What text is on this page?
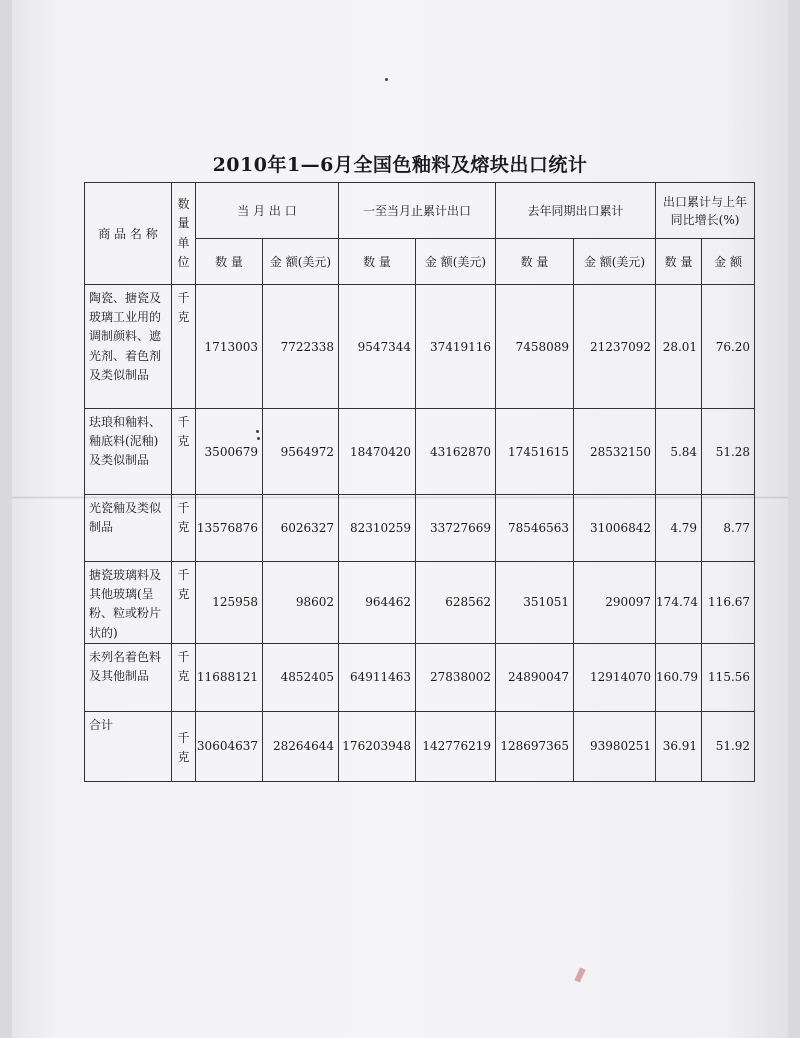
2010年1—6月全国色釉料及熔块出口统计
商 品 名 称	数量单位	当 月 出 口		一至当月止累计出口		去年同期出口累计		出口累计与上年同比增长(%)	
		数 量	金 额(美元)	数 量	金 额(美元)	数 量	金 额(美元)	数 量	金 额
陶瓷、搪瓷及玻璃工业用的调制颜料、遮光剂、着色剂及类似制品	千克	1713003	7722338	9547344	37419116	7458089	21237092	28.01	76.20
珐琅和釉料、釉底料(泥釉)及类似制品	千克	3500679	9564972	18470420	43162870	17451615	28532150	5.84	51.28
光瓷釉及类似制品	千克	13576876	6026327	82310259	33727669	78546563	31006842	4.79	8.77
搪瓷玻璃料及其他玻璃(呈粉、粒或粉片状的)	千克	125958	98602	964462	628562	351051	290097	174.74	116.67
未列名着色料及其他制品	千克	11688121	4852405	64911463	27838002	24890047	12914070	160.79	115.56
合计	千克	30604637	28264644	176203948	142776219	128697365	93980251	36.91	51.92
